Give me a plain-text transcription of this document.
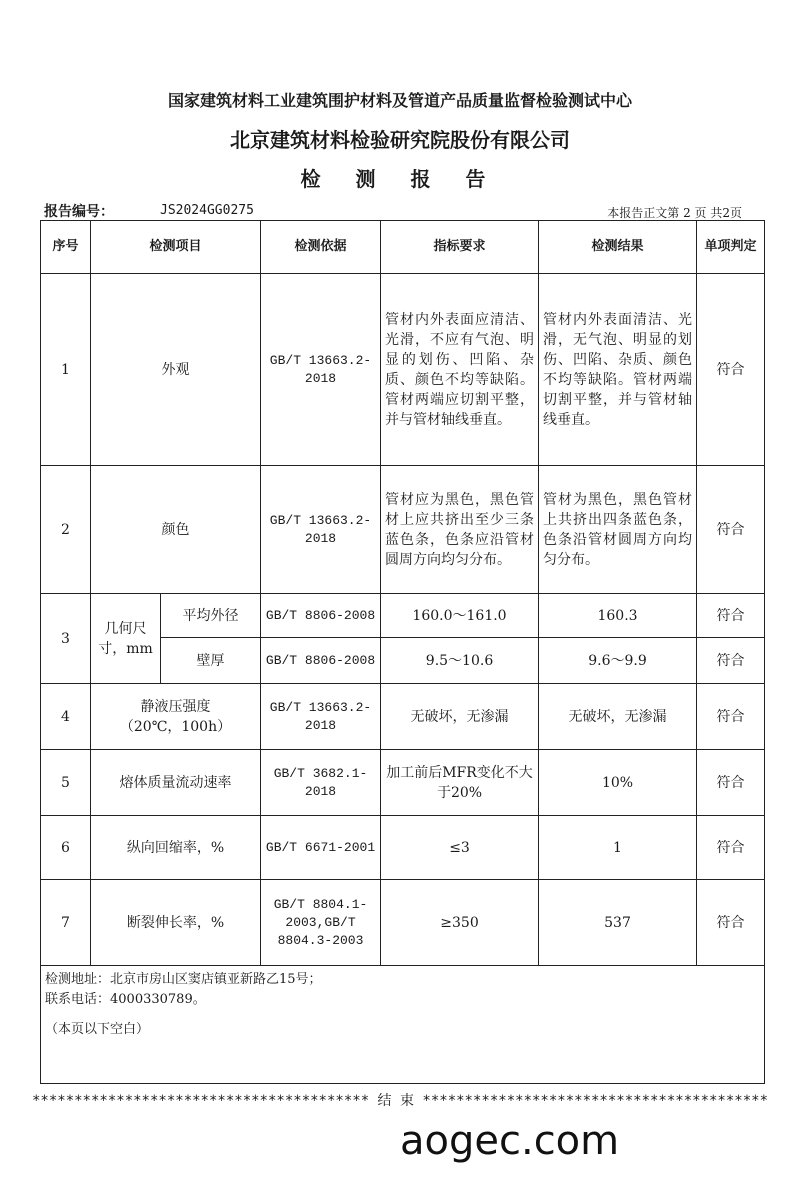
国家建筑材料工业建筑围护材料及管道产品质量监督检验测试中心
北京建筑材料检验研究院股份有限公司
检 测 报 告
报告编号：	JS2024GG0275	本报告正文第 2 页 共2页
序号	检测项目		检测依据	指标要求	检测结果	单项判定
1	外观		GB/T 13663.2-2018	管材内外表面应清洁、光滑，不应有气泡、明显的划伤、凹陷、杂质、颜色不均等缺陷。管材两端应切割平整，并与管材轴线垂直。	管材内外表面清洁、光滑，无气泡、明显的划伤、凹陷、杂质、颜色不均等缺陷。管材两端切割平整，并与管材轴线垂直。	符合
2	颜色		GB/T 13663.2-2018	管材应为黑色，黑色管材上应共挤出至少三条蓝色条，色条应沿管材圆周方向均匀分布。	管材为黑色，黑色管材上共挤出四条蓝色条，色条沿管材圆周方向均匀分布。	符合
3	几何尺寸，mm	平均外径	GB/T 8806-2008	160.0～161.0	160.3	符合
		壁厚	GB/T 8806-2008	9.5～10.6	9.6～9.9	符合
4	静液压强度
（20℃，100h）		GB/T 13663.2-2018	无破坏，无渗漏	无破坏，无渗漏	符合
5	熔体质量流动速率		GB/T 3682.1-2018	加工前后MFR变化不大于20%	10%	符合
6	纵向回缩率，%		GB/T 6671-2001	≤3	1	符合
7	断裂伸长率，%		GB/T 8804.1-2003,GB/T 8804.3-2003	≥350	537	符合

检测地址：北京市房山区窦店镇亚新路乙15号；
联系电话：4000330789。
（本页以下空白）						
**************************************** 结 束 *****************************************
aogec.com
